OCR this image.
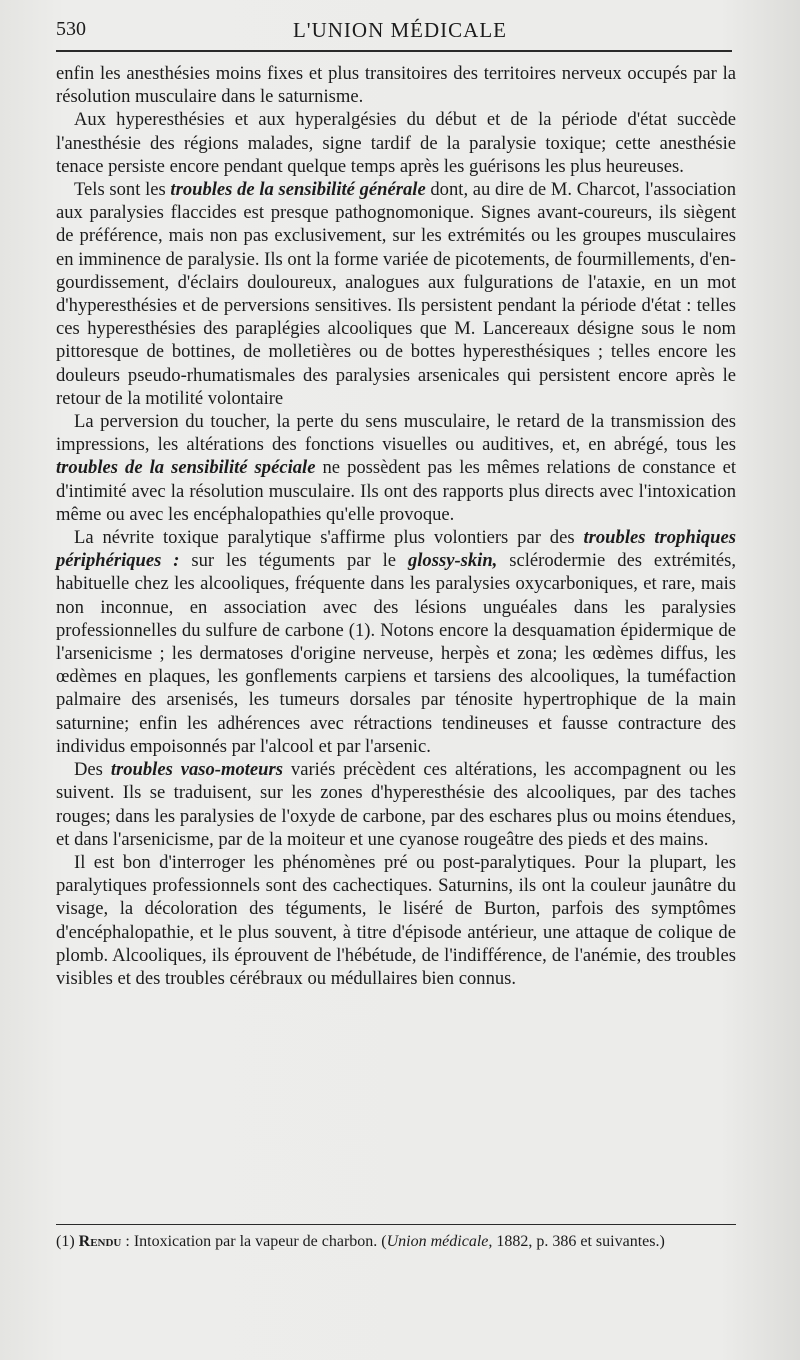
530	L'UNION MÉDICALE

enfin les anesthésies moins fixes et plus transitoires des territoires nerveux occupés par la résolution musculaire dans le saturnisme.

Aux hyperesthésies et aux hyperalgésies du début et de la période d'état succède l'anesthésie des régions malades, signe tardif de la paralysie toxique; cette anesthésie tenace persiste encore pendant quelque temps après les guérisons les plus heureuses.

Tels sont les troubles de la sensibilité générale dont, au dire de M. Charcot, l'association aux paralysies flaccides est presque pathognomonique. Signes avant-coureurs, ils siègent de préférence, mais non pas exclusivement, sur les extrémités ou les groupes musculaires en imminence de paralysie. Ils ont la forme variée de picotements, de fourmillements, d'engourdissement, d'éclairs douloureux, analogues aux fulgurations de l'ataxie, en un mot d'hyperesthésies et de perversions sensitives. Ils persistent pendant la période d'état : telles ces hyperesthésies des paraplégies alcooliques que M. Lancereaux désigne sous le nom pittoresque de bottines, de molletières ou de bottes hyperesthésiques ; telles encore les douleurs pseudo-rhumatismales des paralysies arsenicales qui persistent encore après le retour de la motilité volontaire

La perversion du toucher, la perte du sens musculaire, le retard de la transmission des impressions, les altérations des fonctions visuelles ou auditives, et, en abrégé, tous les troubles de la sensibilité spéciale ne possèdent pas les mêmes relations de constance et d'intimité avec la résolution musculaire. Ils ont des rapports plus directs avec l'intoxication même ou avec les encéphalopathies qu'elle provoque.

La névrite toxique paralytique s'affirme plus volontiers par des troubles trophiques périphériques : sur les téguments par le glossy-skin, sclérodermie des extrémités, habituelle chez les alcooliques, fréquente dans les paralysies oxycarboniques, et rare, mais non inconnue, en association avec des lésions unguéales dans les paralysies professionnelles du sulfure de carbone (1). Notons encore la desquamation épidermique de l'arsenicisme ; les dermatoses d'origine nerveuse, herpès et zona; les œdèmes diffus, les œdèmes en plaques, les gonflements carpiens et tarsiens des alcooliques, la tuméfaction palmaire des arsenisés, les tumeurs dorsales par ténosite hypertrophique de la main saturnine; enfin les adhérences avec rétractions tendineuses et fausse contracture des individus empoisonnés par l'alcool et par l'arsenic.

Des troubles vaso-moteurs variés précèdent ces altérations, les accompagnent ou les suivent. Ils se traduisent, sur les zones d'hyperesthésie des alcooliques, par des taches rouges; dans les paralysies de l'oxyde de carbone, par des eschares plus ou moins étendues, et dans l'arsenicisme, par de la moiteur et une cyanose rougeâtre des pieds et des mains.

Il est bon d'interroger les phénomènes pré ou post-paralytiques. Pour la plupart, les paralytiques professionnels sont des cachectiques. Saturnins, ils ont la couleur jaunâtre du visage, la décoloration des téguments, le liséré de Burton, parfois des symptômes d'encéphalopathie, et le plus souvent, à titre d'épisode antérieur, une attaque de colique de plomb. Alcooliques, ils éprouvent de l'hébétude, de l'indifférence, de l'anémie, des troubles visibles et des troubles cérébraux ou médullaires bien connus.

(1) Rendu : Intoxication par la vapeur de charbon. (Union médicale, 1882, p. 386 et suivantes.)
